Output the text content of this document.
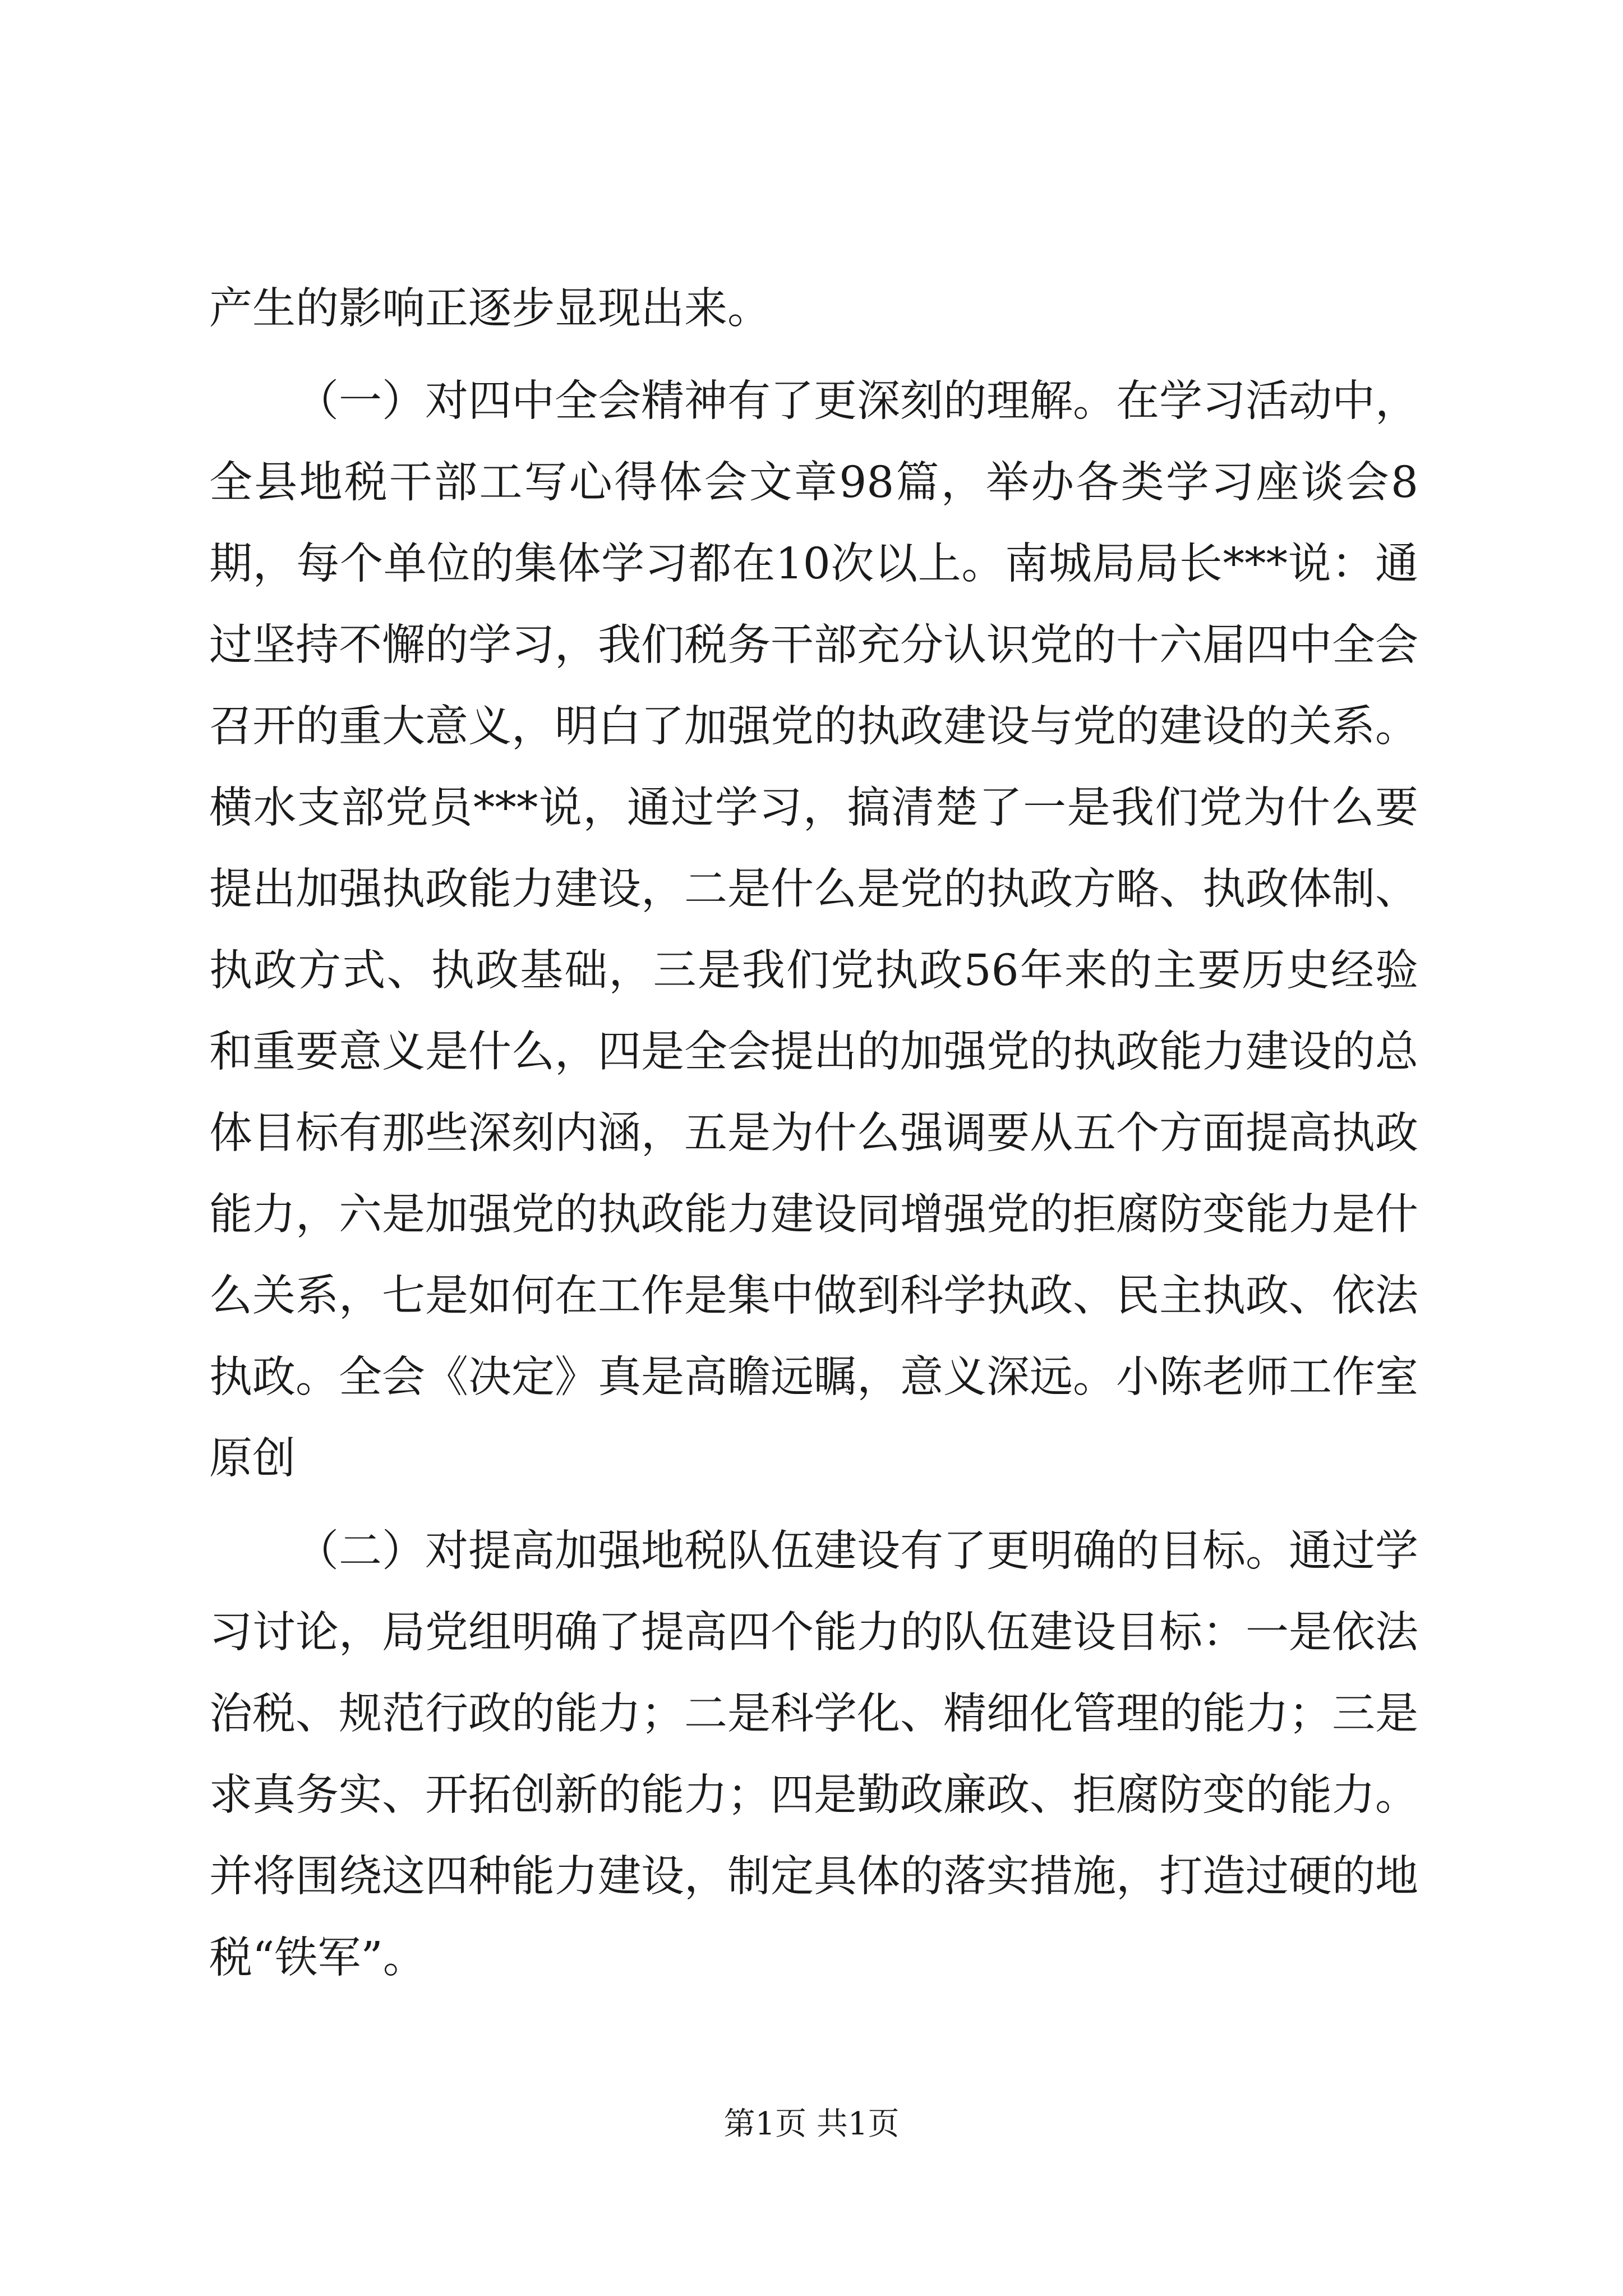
产生的影响正逐步显现出来。

（一）对四中全会精神有了更深刻的理解。在学习活动中，全县地税干部工写心得体会文章98篇，举办各类学习座谈会8期，每个单位的集体学习都在10次以上。南城局局长***说：通过坚持不懈的学习，我们税务干部充分认识党的十六届四中全会召开的重大意义，明白了加强党的执政建设与党的建设的关系。横水支部党员***说，通过学习，搞清楚了一是我们党为什么要提出加强执政能力建设，二是什么是党的执政方略、执政体制、执政方式、执政基础，三是我们党执政56年来的主要历史经验和重要意义是什么，四是全会提出的加强党的执政能力建设的总体目标有那些深刻内涵，五是为什么强调要从五个方面提高执政能力，六是加强党的执政能力建设同增强党的拒腐防变能力是什么关系，七是如何在工作是集中做到科学执政、民主执政、依法执政。全会《决定》真是高瞻远瞩，意义深远。小陈老师工作室原创

（二）对提高加强地税队伍建设有了更明确的目标。通过学习讨论，局党组明确了提高四个能力的队伍建设目标：一是依法治税、规范行政的能力；二是科学化、精细化管理的能力；三是求真务实、开拓创新的能力；四是勤政廉政、拒腐防变的能力。并将围绕这四种能力建设，制定具体的落实措施，打造过硬的地税“铁军”。

第1页 共1页
